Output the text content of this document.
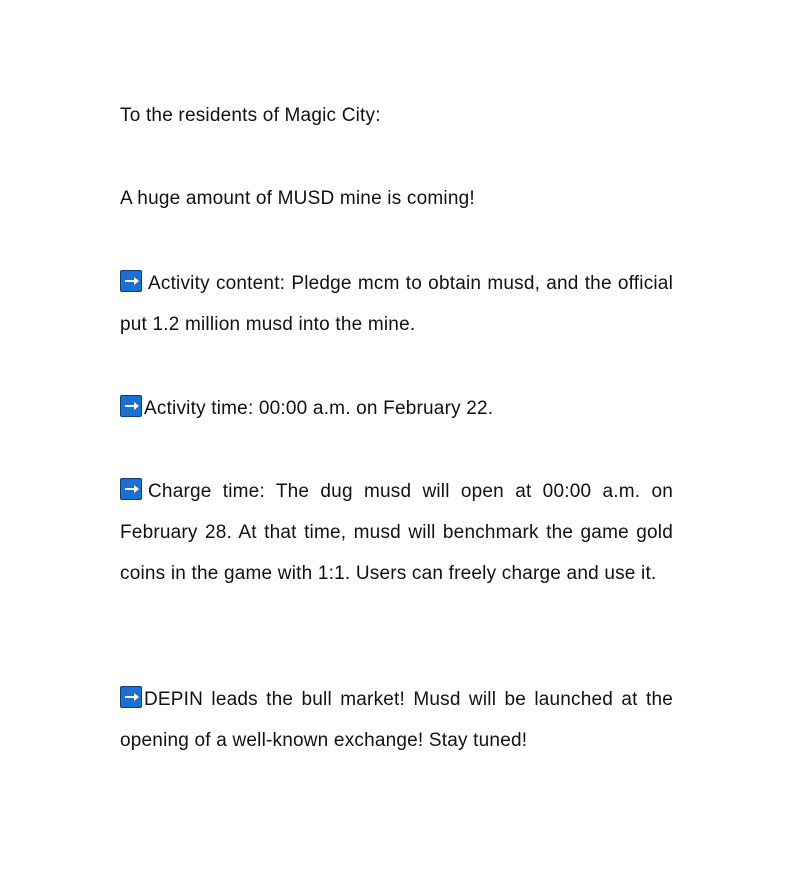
To the residents of Magic City:

A huge amount of MUSD mine is coming!

Activity content: Pledge mcm to obtain musd, and the official put 1.2 million musd into the mine.

Activity time: 00:00 a.m. on February 22.

Charge time: The dug musd will open at 00:00 a.m. on February 28. At that time, musd will benchmark the game gold coins in the game with 1:1. Users can freely charge and use it.

DEPIN leads the bull market! Musd will be launched at the opening of a well-known exchange! Stay tuned!
